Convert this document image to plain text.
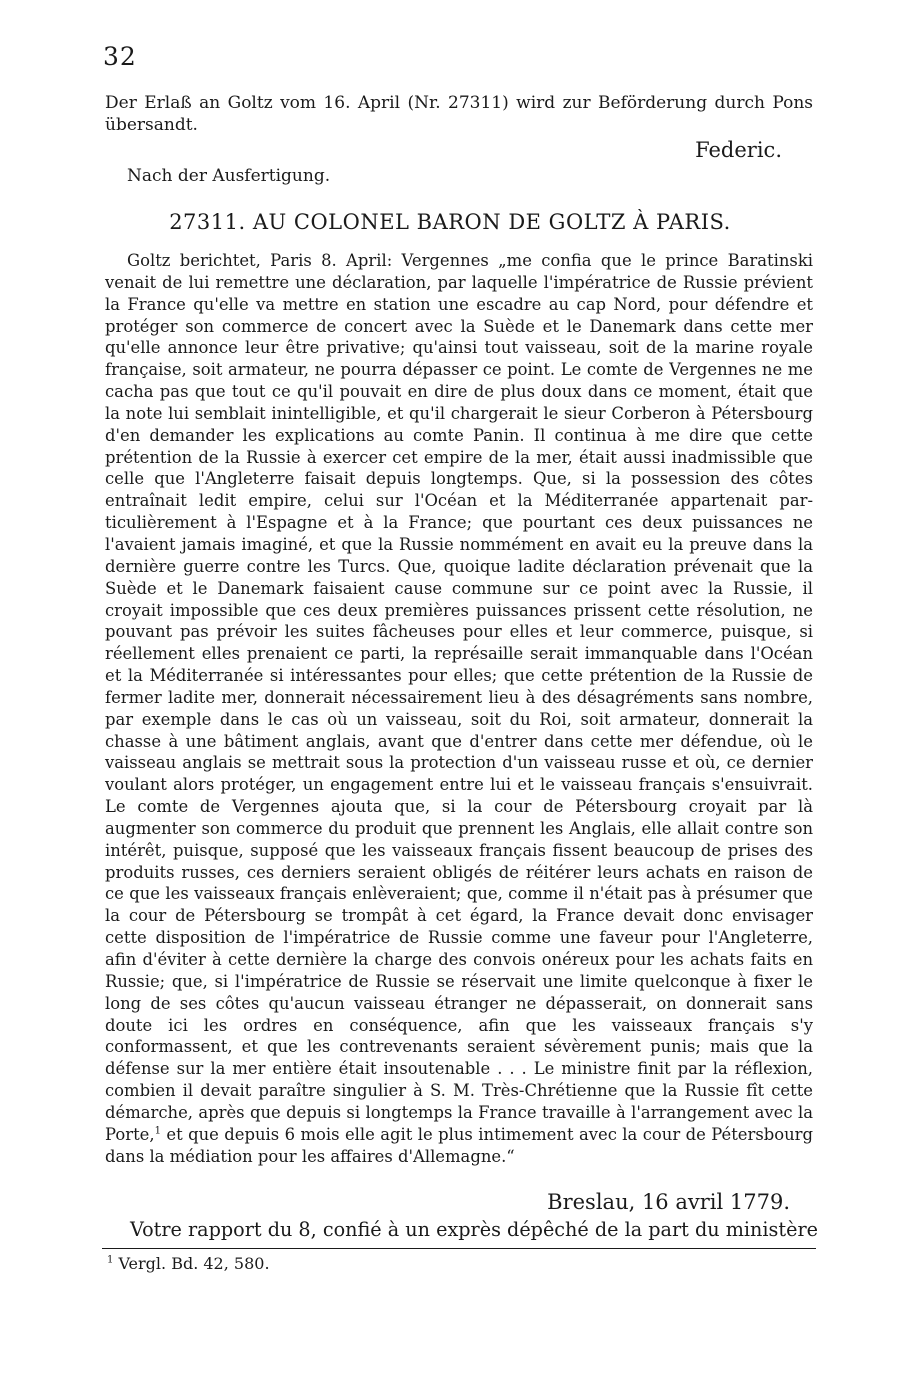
32
Der Erlaß an Goltz vom 16. April (Nr. 27311) wird zur Beförderung durch Pons übersandt.
Federic.
Nach der Ausfertigung.
27311. AU COLONEL BARON DE GOLTZ À PARIS.

Goltz berichtet, Paris 8. April: Vergennes „me confia que le prince Baratinski venait de lui remettre une déclaration, par laquelle l'impératrice de Russie prévient la France qu'elle va mettre en station une escadre au cap Nord, pour défendre et protéger son commerce de concert avec la Suède et le Danemark dans cette mer qu'elle annonce leur être privative; qu'ainsi tout vaisseau, soit de la marine royale française, soit armateur, ne pourra dépasser ce point. Le comte de Vergennes ne me cacha pas que tout ce qu'il pouvait en dire de plus doux dans ce moment, était que la note lui semblait inintelligible, et qu'il chargerait le sieur Corberon à Pétersbourg d'en demander les explications au comte Panin. Il continua à me dire que cette prétention de la Russie à exercer cet empire de la mer, était aussi inadmissible que celle que l'Angleterre faisait depuis longtemps. Que, si la possession des côtes entraînait ledit empire, celui sur l'Océan et la Méditerranée appartenait particulièrement à l'Espagne et à la France; que pourtant ces deux puissances ne l'avaient jamais imaginé, et que la Russie nommément en avait eu la preuve dans la dernière guerre contre les Turcs. Que, quoique ladite déclaration prévenait que la Suède et le Danemark faisaient cause commune sur ce point avec la Russie, il croyait impossible que ces deux premières puissances prissent cette résolution, ne pouvant pas prévoir les suites fâcheuses pour elles et leur commerce, puisque, si réellement elles prenaient ce parti, la représaille serait immanquable dans l'Océan et la Méditerranée si intéressantes pour elles; que cette prétention de la Russie de fermer ladite mer, donnerait nécessairement lieu à des désagréments sans nombre, par exemple dans le cas où un vaisseau, soit du Roi, soit armateur, donnerait la chasse à une bâtiment anglais, avant que d'entrer dans cette mer défendue, où le vaisseau anglais se mettrait sous la protection d'un vaisseau russe et où, ce dernier voulant alors protéger, un engagement entre lui et le vaisseau français s'ensuivrait. Le comte de Vergennes ajouta que, si la cour de Pétersbourg croyait par là augmenter son commerce du produit que prennent les Anglais, elle allait contre son intérêt, puisque, supposé que les vaisseaux français fissent beaucoup de prises des produits russes, ces derniers seraient obligés de réitérer leurs achats en raison de ce que les vaisseaux français enlèveraient; que, comme il n'était pas à présumer que la cour de Pétersbourg se trompât à cet égard, la France devait donc envisager cette disposition de l'impératrice de Russie comme une faveur pour l'Angleterre, afin d'éviter à cette dernière la charge des convois onéreux pour les achats faits en Russie; que, si l'impératrice de Russie se réservait une limite quelconque à fixer le long de ses côtes qu'aucun vaisseau étranger ne dépasserait, on donnerait sans doute ici les ordres en conséquence, afin que les vaisseaux français s'y conformassent, et que les contrevenants seraient sévèrement punis; mais que la défense sur la mer entière était insoutenable . . . Le ministre finit par la réflexion, combien il devait paraître singulier à S. M. Très-Chrétienne que la Russie fît cette démarche, après que depuis si longtemps la France travaille à l'arrangement avec la Porte,$^1$ et que depuis 6 mois elle agit le plus intimement avec la cour de Pétersbourg dans la médiation pour les affaires d'Allemagne.“

Breslau, 16 avril 1779.
Votre rapport du 8, confié à un exprès dépêché de la part du ministère
$^1$ Vergl. Bd. 42, 580.
